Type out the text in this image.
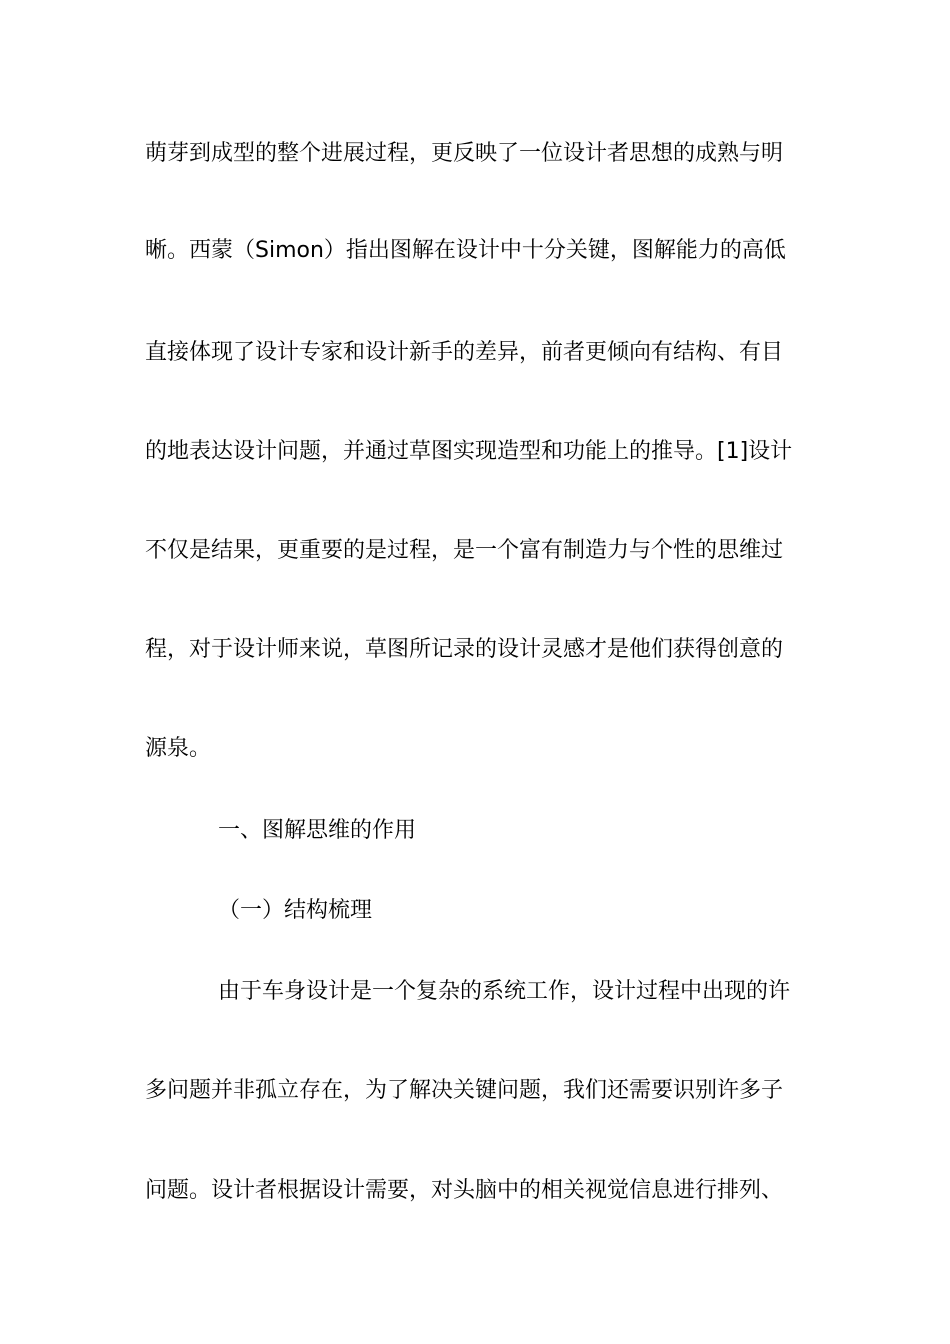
萌芽到成型的整个进展过程，更反映了一位设计者思想的成熟与明
晰。西蒙（Simon）指出图解在设计中十分关键，图解能力的高低
直接体现了设计专家和设计新手的差异，前者更倾向有结构、有目
的地表达设计问题，并通过草图实现造型和功能上的推导。[1]设计
不仅是结果，更重要的是过程，是一个富有制造力与个性的思维过
程，对于设计师来说，草图所记录的设计灵感才是他们获得创意的
源泉。
一、图解思维的作用
（一）结构梳理
由于车身设计是一个复杂的系统工作，设计过程中出现的许
多问题并非孤立存在，为了解决关键问题，我们还需要识别许多子
问题。设计者根据设计需要，对头脑中的相关视觉信息进行排列、
